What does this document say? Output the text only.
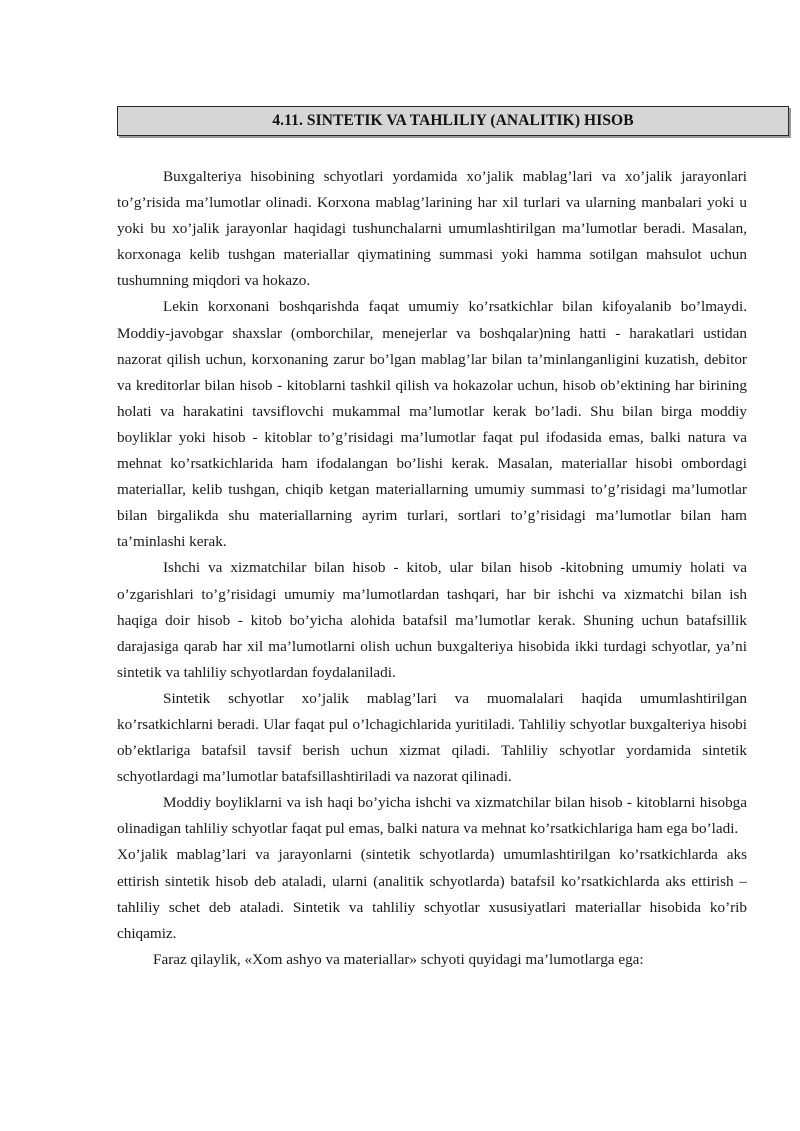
4.11. SINTETIK VA TAHLILIY (ANALITIK) HISOB

Buxgalteriya hisobining schyotlari yordamida xo’jalik mablag’lari va xo’jalik jarayonlari to’g’risida ma’lumotlar olinadi. Korxona mablag’larining har xil turlari va ularning manbalari yoki u yoki bu xo’jalik jarayonlar haqidagi tushunchalarni umumlashtirilgan ma’lumotlar beradi. Masalan, korxonaga kelib tushgan materiallar qiymatining summasi yoki hamma sotilgan mahsulot uchun tushumning miqdori va hokazo.

Lekin korxonani boshqarishda faqat umumiy ko’rsatkichlar bilan kifoyalanib bo’lmaydi. Moddiy-javobgar shaxslar (omborchilar, menejerlar va boshqalar)ning hatti - harakatlari ustidan nazorat qilish uchun, korxonaning zarur bo’lgan mablag’lar bilan ta’minlanganligini kuzatish, debitor va kreditorlar bilan hisob - kitoblarni tashkil qilish va hokazolar uchun, hisob ob’ektining har birining holati va harakatini tavsiflovchi mukammal ma’lumotlar kerak bo’ladi. Shu bilan birga moddiy boyliklar yoki hisob - kitoblar to’g’risidagi ma’lumotlar faqat pul ifodasida emas, balki natura va mehnat ko’rsatkichlarida ham ifodalangan bo’lishi kerak. Masalan, materiallar hisobi ombordagi materiallar, kelib tushgan, chiqib ketgan materiallarning umumiy summasi to’g’risidagi ma’lumotlar bilan birgalikda shu materiallarning ayrim turlari, sortlari to’g’risidagi ma’lumotlar bilan ham ta’minlashi kerak.

Ishchi va xizmatchilar bilan hisob - kitob, ular bilan hisob -kitobning umumiy holati va o’zgarishlari to’g’risidagi umumiy ma’lumotlardan tashqari, har bir ishchi va xizmatchi bilan ish haqiga doir hisob - kitob bo’yicha alohida batafsil ma’lumotlar kerak. Shuning uchun batafsillik darajasiga qarab har xil ma’lumotlarni olish uchun buxgalteriya hisobida ikki turdagi schyotlar, ya’ni sintetik va tahliliy schyotlardan foydalaniladi.

Sintetik schyotlar xo’jalik mablag’lari va muomalalari haqida umumlashtirilgan ko’rsatkichlarni beradi. Ular faqat pul o’lchagichlarida yuritiladi. Tahliliy schyotlar buxgalteriya hisobi ob’ektlariga batafsil tavsif berish uchun xizmat qiladi. Tahliliy schyotlar yordamida sintetik schyotlardagi ma’lumotlar batafsillashtiriladi va nazorat qilinadi.

Moddiy boyliklarni va ish haqi bo’yicha ishchi va xizmatchilar bilan hisob - kitoblarni hisobga olinadigan tahliliy schyotlar faqat pul emas, balki natura va mehnat ko’rsatkichlariga ham ega bo’ladi.

Xo’jalik mablag’lari va jarayonlarni (sintetik schyotlarda) umumlashtirilgan ko’rsatkichlarda aks ettirish sintetik hisob deb ataladi, ularni (analitik schyotlarda) batafsil ko’rsatkichlarda aks ettirish – tahliliy schet deb ataladi. Sintetik va tahliliy schyotlar xususiyatlari materiallar hisobida ko’rib chiqamiz.

Faraz qilaylik, «Xom ashyo va materiallar» schyoti quyidagi ma’lumotlarga ega:
